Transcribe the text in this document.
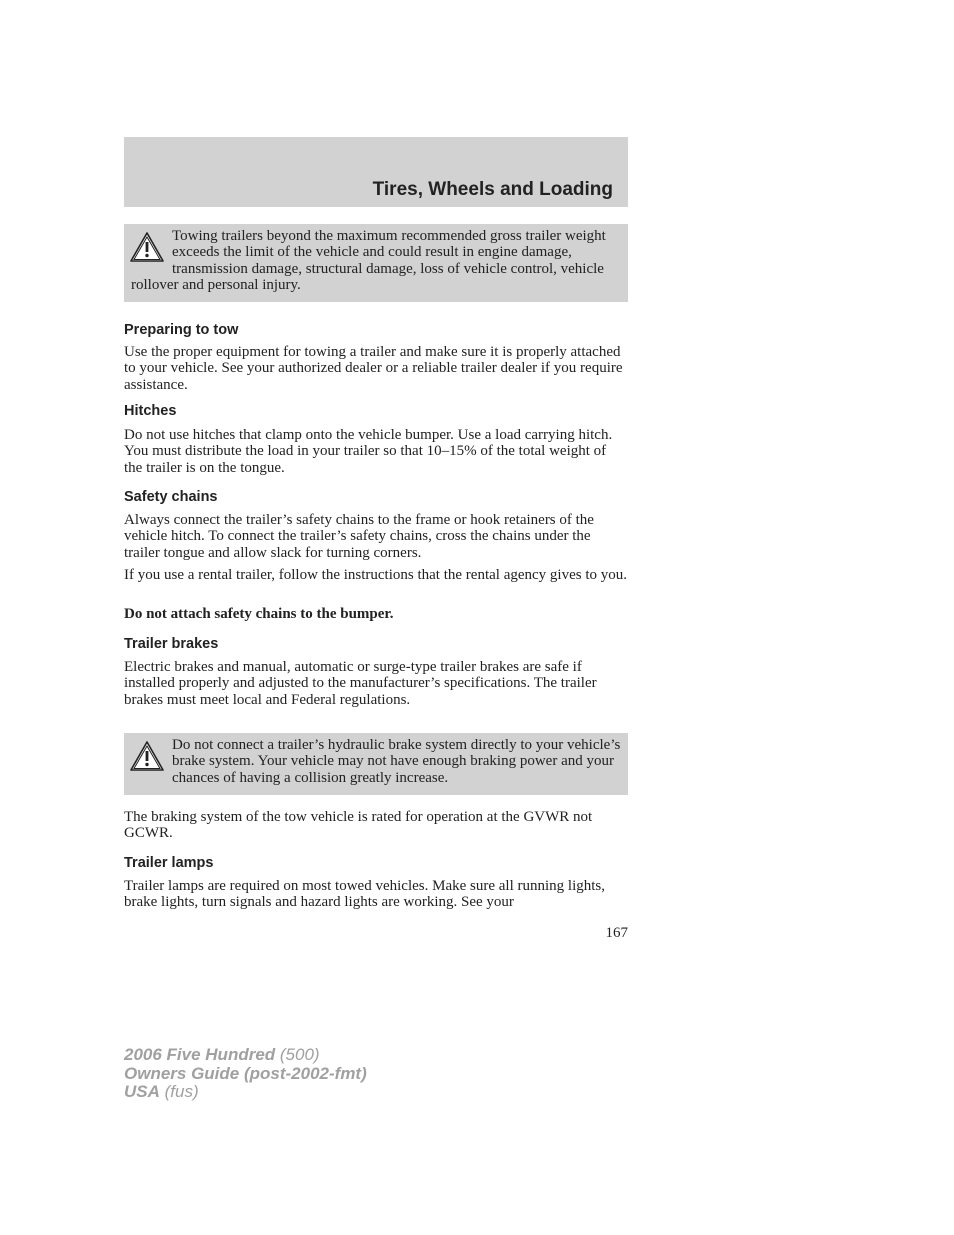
Tires, Wheels and Loading
Towing trailers beyond the maximum recommended gross trailer weight exceeds the limit of the vehicle and could result in engine damage, transmission damage, structural damage, loss of vehicle control, vehicle rollover and personal injury.
Preparing to tow
Use the proper equipment for towing a trailer and make sure it is properly attached to your vehicle. See your authorized dealer or a reliable trailer dealer if you require assistance.
Hitches
Do not use hitches that clamp onto the vehicle bumper. Use a load carrying hitch. You must distribute the load in your trailer so that 10–15% of the total weight of the trailer is on the tongue.
Safety chains
Always connect the trailer’s safety chains to the frame or hook retainers of the vehicle hitch. To connect the trailer’s safety chains, cross the chains under the trailer tongue and allow slack for turning corners.
If you use a rental trailer, follow the instructions that the rental agency gives to you.
Do not attach safety chains to the bumper.
Trailer brakes
Electric brakes and manual, automatic or surge-type trailer brakes are safe if installed properly and adjusted to the manufacturer’s specifications. The trailer brakes must meet local and Federal regulations.
Do not connect a trailer’s hydraulic brake system directly to your vehicle’s brake system. Your vehicle may not have enough braking power and your chances of having a collision greatly increase.
The braking system of the tow vehicle is rated for operation at the GVWR not GCWR.
Trailer lamps
Trailer lamps are required on most towed vehicles. Make sure all running lights, brake lights, turn signals and hazard lights are working. See your
167
2006 Five Hundred (500)
Owners Guide (post-2002-fmt)
USA (fus)
